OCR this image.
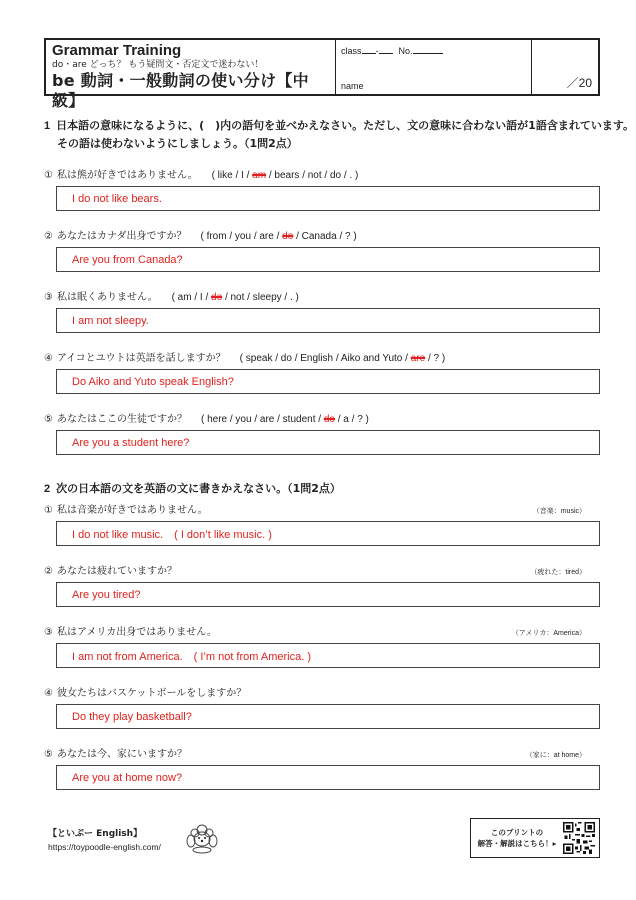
Grammar Training
do・are どっち？ もう疑問文・否定文で迷わない！
be 動詞・一般動詞の使い分け【中級】
class - No.
name	／20
1 日本語の意味になるように、(　)内の語句を並べかえなさい。ただし、文の意味に合わない語が1語含まれています。
その語は使わないようにしましょう。（1問2点）
① 私は熊が好きではありません。 ( like / I / am / bears / not / do / . )
I do not like bears.
② あなたはカナダ出身ですか？ ( from / you / are / do / Canada / ? )
Are you from Canada?
③ 私は眠くありません。 ( am / I / do / not / sleepy / . )
I am not sleepy.
④ アイコとユウトは英語を話しますか？ ( speak / do / English / Aiko and Yuto / are / ? )
Do Aiko and Yuto speak English?
⑤ あなたはここの生徒ですか？ ( here / you / are / student / do / a / ? )
Are you a student here?
2 次の日本語の文を英語の文に書きかえなさい。（1問2点）
① 私は音楽が好きではありません。	（音楽：music）
I do not like music.　( I don’t like music. )
② あなたは疲れていますか？	（疲れた：tired）
Are you tired?
③ 私はアメリカ出身ではありません。	（アメリカ：America）
I am not from America.　( I’m not from America. )
④ 彼女たちはバスケットボールをしますか？
Do they play basketball?
⑤ あなたは今、家にいますか？	（家に：at home）
Are you at home now?
【といぷー English】
https://toypoodle-english.com/
このプリントの
解答・解説はこちら！▸
